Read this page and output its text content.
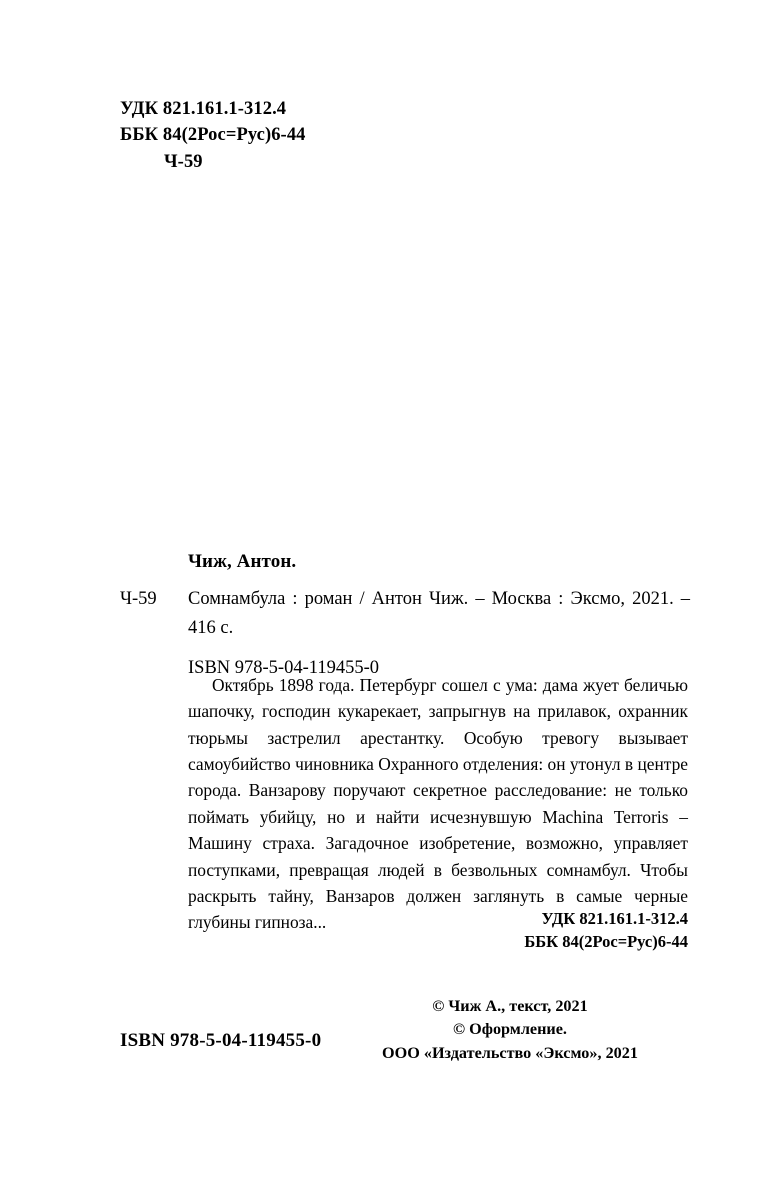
УДК 821.161.1-312.4
ББК 84(2Рос=Рус)6-44
Ч-59
Чиж, Антон.
Ч-59	Сомнамбула : роман / Антон Чиж. – Москва : Эксмо, 2021. – 416 с.
ISBN 978-5-04-119455-0
Октябрь 1898 года. Петербург сошел с ума: дама жует беличью шапочку, господин кукарекает, запрыгнув на прилавок, охранник тюрьмы застрелил арестантку. Особую тревогу вызывает самоубийство чиновника Охранного отделения: он утонул в центре города. Ванзарову поручают секретное расследование: не только поймать убийцу, но и найти исчезнувшую Machina Terroris – Машину страха. Загадочное изобретение, возможно, управляет поступками, превращая людей в безвольных сомнамбул. Чтобы раскрыть тайну, Ванзаров должен заглянуть в самые черные глубины гипноза...	УДК 821.161.1-312.4
ББК 84(2Рос=Рус)6-44
© Чиж А., текст, 2021
© Оформление.
ООО «Издательство «Эксмо», 2021
ISBN 978-5-04-119455-0
